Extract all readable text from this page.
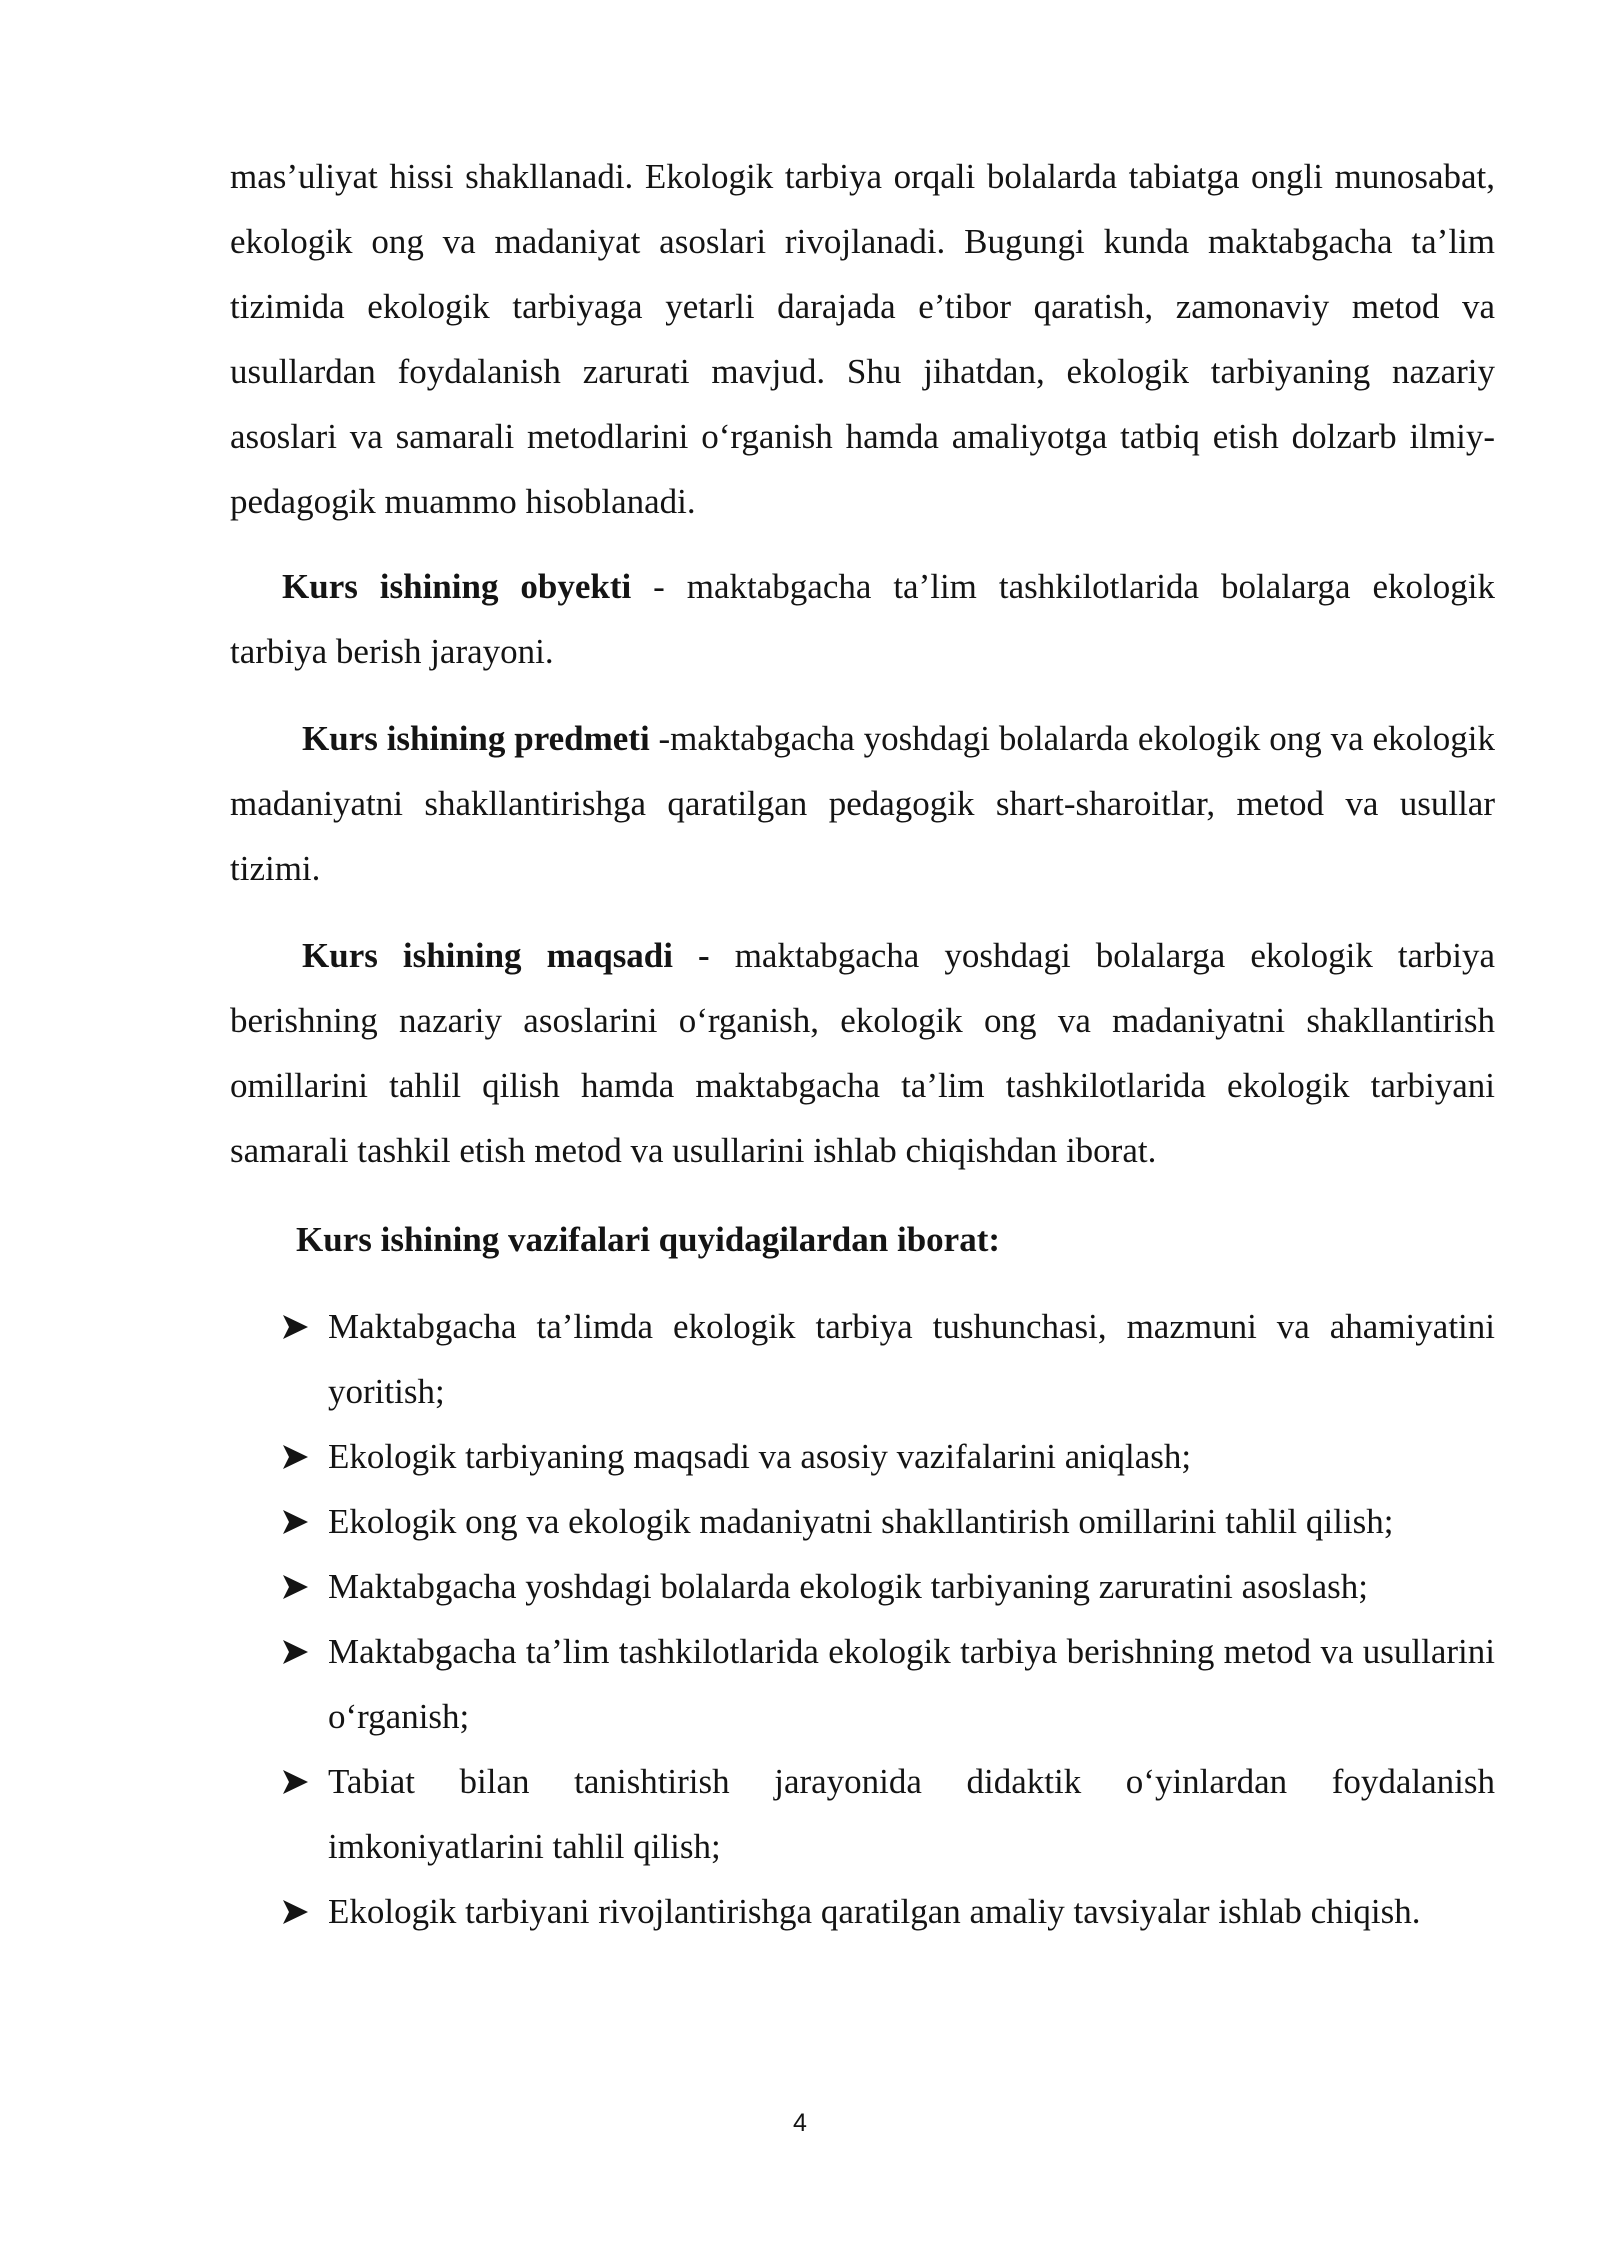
mas’uliyat hissi shakllanadi. Ekologik tarbiya orqali bolalarda tabiatga ongli munosabat, ekologik ong va madaniyat asoslari rivojlanadi. Bugungi kunda maktabgacha ta’lim tizimida ekologik tarbiyaga yetarli darajada e’tibor qaratish, zamonaviy metod va usullardan foydalanish zarurati mavjud. Shu jihatdan, ekologik tarbiyaning nazariy asoslari va samarali metodlarini o‘rganish hamda amaliyotga tatbiq etish dolzarb ilmiy-pedagogik muammo hisoblanadi.

Kurs ishining obyekti - maktabgacha ta’lim tashkilotlarida bolalarga ekologik tarbiya berish jarayoni.

Kurs ishining predmeti -maktabgacha yoshdagi bolalarda ekologik ong va ekologik madaniyatni shakllantirishga qaratilgan pedagogik shart-sharoitlar, metod va usullar tizimi.

Kurs ishining maqsadi - maktabgacha yoshdagi bolalarga ekologik tarbiya berishning nazariy asoslarini o‘rganish, ekologik ong va madaniyatni shakllantirish omillarini tahlil qilish hamda maktabgacha ta’lim tashkilotlarida ekologik tarbiyani samarali tashkil etish metod va usullarini ishlab chiqishdan iborat.

Kurs ishining vazifalari quyidagilardan iborat:

Maktabgacha ta’limda ekologik tarbiya tushunchasi, mazmuni va ahamiyatini yoritish;
Ekologik tarbiyaning maqsadi va asosiy vazifalarini aniqlash;
Ekologik ong va ekologik madaniyatni shakllantirish omillarini tahlil qilish;
Maktabgacha yoshdagi bolalarda ekologik tarbiyaning zaruratini asoslash;
Maktabgacha ta’lim tashkilotlarida ekologik tarbiya berishning metod va usullarini o‘rganish;
Tabiat bilan tanishtirish jarayonida didaktik o‘yinlardan foydalanish imkoniyatlarini tahlil qilish;
Ekologik tarbiyani rivojlantirishga qaratilgan amaliy tavsiyalar ishlab chiqish.
4
